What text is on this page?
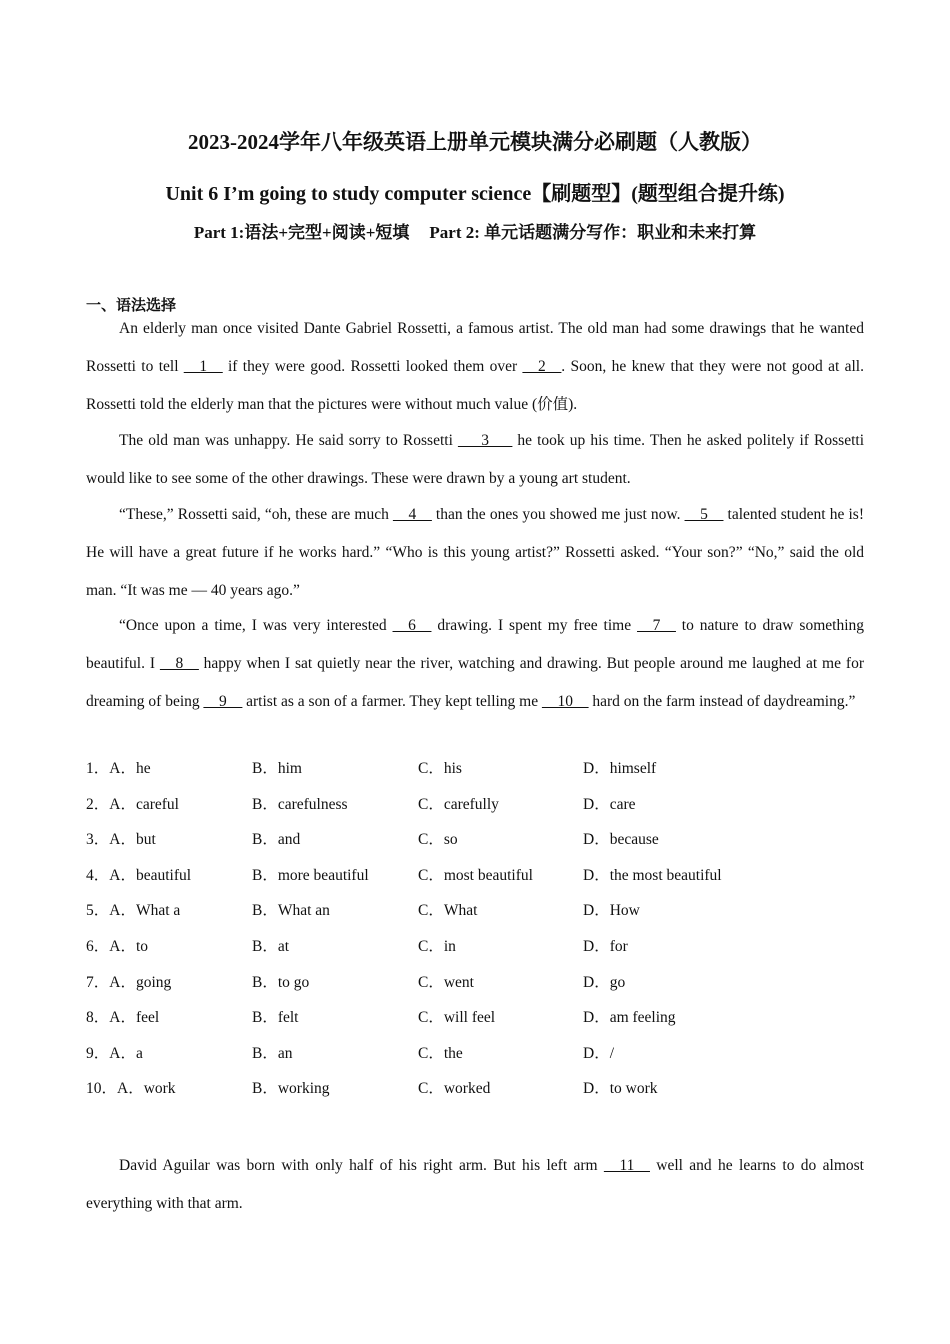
2023-2024学年八年级英语上册单元模块满分必刷题（人教版）
Unit 6 I’m going to study computer science【刷题型】(题型组合提升练)
Part 1:语法+完型+阅读+短填 Part 2: 单元话题满分写作：职业和未来打算
一、语法选择

An elderly man once visited Dante Gabriel Rossetti, a famous artist. The old man had some drawings that he wanted Rossetti to tell __1__ if they were good. Rossetti looked them over __2__. Soon, he knew that they were not good at all. Rossetti told the elderly man that the pictures were without much value (价值).

The old man was unhappy. He said sorry to Rossetti ___3___ he took up his time. Then he asked politely if Rossetti would like to see some of the other drawings. These were drawn by a young art student.

“These,” Rossetti said, “oh, these are much __4__ than the ones you showed me just now. __5__ talented student he is! He will have a great future if he works hard.” “Who is this young artist?” Rossetti asked. “Your son?” “No,” said the old man. “It was me — 40 years ago.”

“Once upon a time, I was very interested __6__ drawing. I spent my free time __7__ to nature to draw something beautiful. I __8__ happy when I sat quietly near the river, watching and drawing. But people around me laughed at me for dreaming of being __9__ artist as a son of a farmer. They kept telling me __10__ hard on the farm instead of daydreaming.”

1．A．he	B．him	C．his	D．himself
2．A．careful	B．carefulness	C．carefully	D．care
3．A．but	B．and	C．so	D．because
4．A．beautiful	B．more beautiful	C．most beautiful	D．the most beautiful
5．A．What a	B．What an	C．What	D．How
6．A．to	B．at	C．in	D．for
7．A．going	B．to go	C．went	D．go
8．A．feel	B．felt	C．will feel	D．am feeling
9．A．a	B．an	C．the	D．/
10．A．work	B．working	C．worked	D．to work

David Aguilar was born with only half of his right arm. But his left arm __11__ well and he learns to do almost everything with that arm.
